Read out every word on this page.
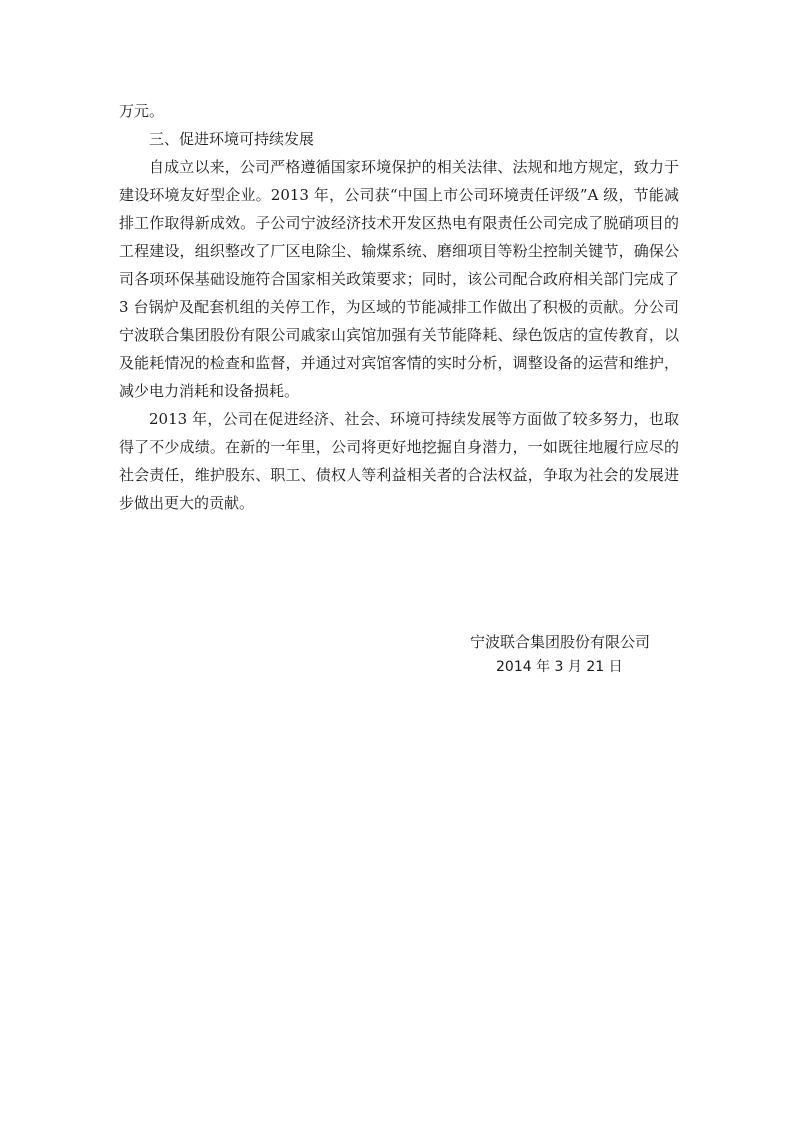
万元。

三、促进环境可持续发展

自成立以来，公司严格遵循国家环境保护的相关法律、法规和地方规定，致力于建设环境友好型企业。2013 年，公司获“中国上市公司环境责任评级”A 级，节能减排工作取得新成效。子公司宁波经济技术开发区热电有限责任公司完成了脱硝项目的工程建设，组织整改了厂区电除尘、输煤系统、磨细项目等粉尘控制关键节，确保公司各项环保基础设施符合国家相关政策要求；同时，该公司配合政府相关部门完成了 3 台锅炉及配套机组的关停工作，为区域的节能减排工作做出了积极的贡献。分公司宁波联合集团股份有限公司戚家山宾馆加强有关节能降耗、绿色饭店的宣传教育，以及能耗情况的检查和监督，并通过对宾馆客情的实时分析，调整设备的运营和维护，减少电力消耗和设备损耗。

2013 年，公司在促进经济、社会、环境可持续发展等方面做了较多努力，也取得了不少成绩。在新的一年里，公司将更好地挖掘自身潜力，一如既往地履行应尽的社会责任，维护股东、职工、债权人等利益相关者的合法权益，争取为社会的发展进步做出更大的贡献。

宁波联合集团股份有限公司
2014 年 3 月 21 日
